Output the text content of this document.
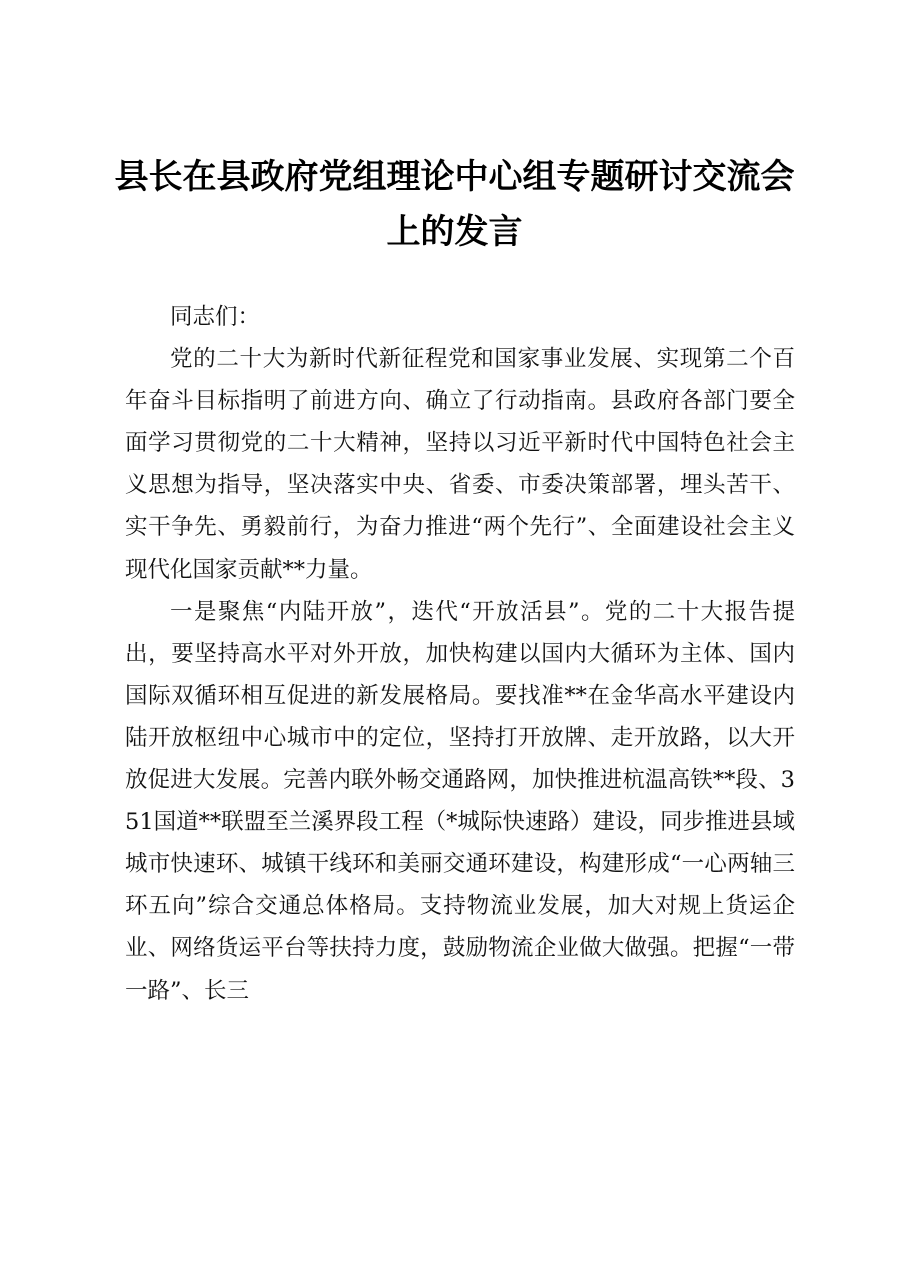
县长在县政府党组理论中心组专题研讨交流会上的发言

同志们：

党的二十大为新时代新征程党和国家事业发展、实现第二个百年奋斗目标指明了前进方向、确立了行动指南。县政府各部门要全面学习贯彻党的二十大精神，坚持以习近平新时代中国特色社会主义思想为指导，坚决落实中央、省委、市委决策部署，埋头苦干、实干争先、勇毅前行，为奋力推进“两个先行”、全面建设社会主义现代化国家贡献**力量。

一是聚焦“内陆开放”，迭代“开放活县”。党的二十大报告提出，要坚持高水平对外开放，加快构建以国内大循环为主体、国内国际双循环相互促进的新发展格局。要找准**在金华高水平建设内陆开放枢纽中心城市中的定位，坚持打开放牌、走开放路，以大开放促进大发展。完善内联外畅交通路网，加快推进杭温高铁**段、351国道**联盟至兰溪界段工程（*城际快速路）建设，同步推进县域城市快速环、城镇干线环和美丽交通环建设，构建形成“一心两轴三环五向”综合交通总体格局。支持物流业发展，加大对规上货运企业、网络货运平台等扶持力度，鼓励物流企业做大做强。把握“一带一路”、长三
